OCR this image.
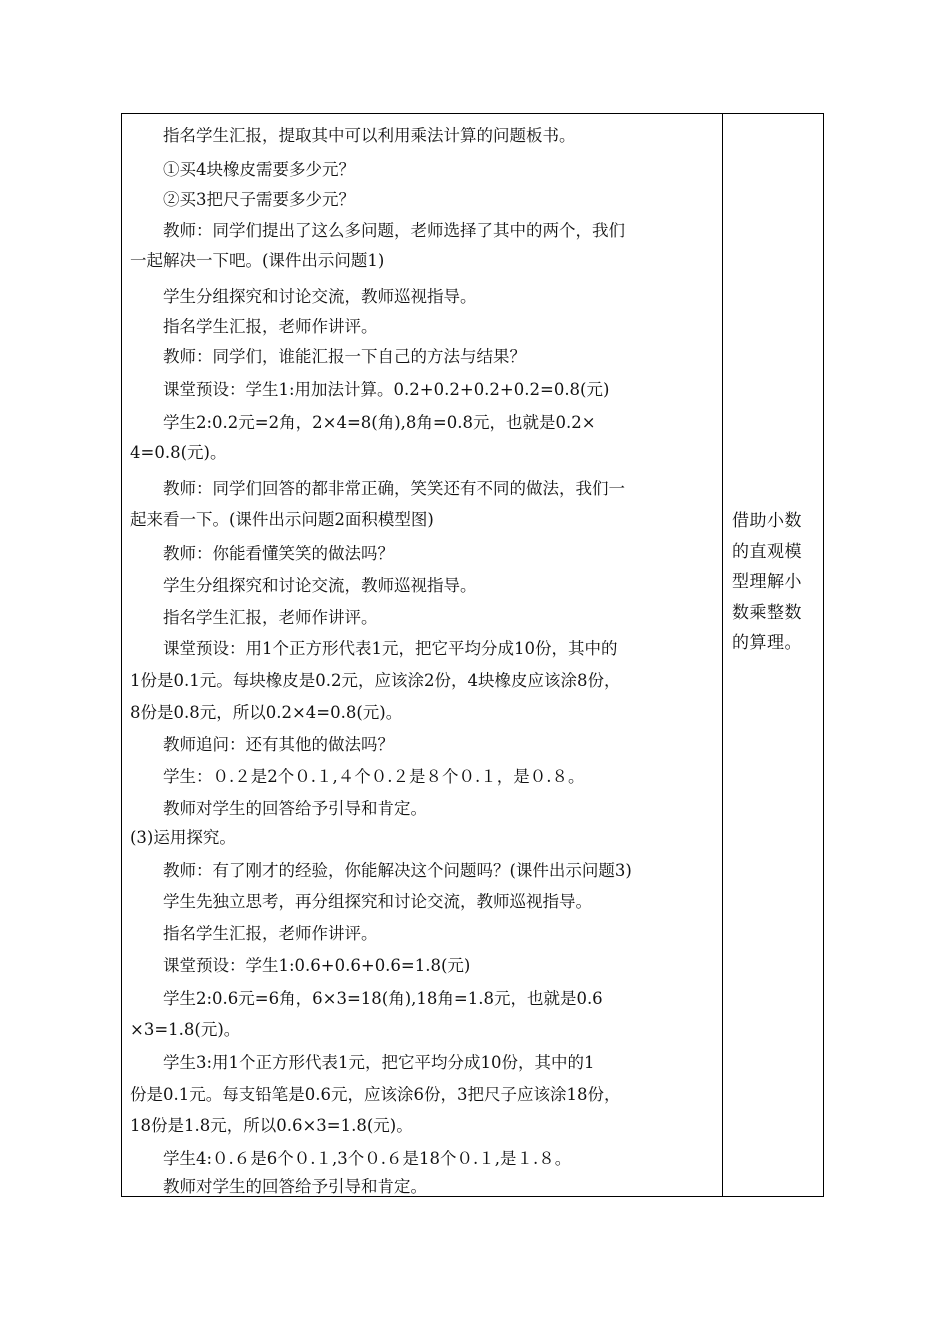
　　指名学生汇报，提取其中可以利用乘法计算的问题板书。
　　①买4块橡皮需要多少元？
　　②买3把尺子需要多少元？
　　教师：同学们提出了这么多问题，老师选择了其中的两个，我们
一起解决一下吧。(课件出示问题1)
　　学生分组探究和讨论交流，教师巡视指导。
　　指名学生汇报，老师作讲评。
　　教师：同学们，谁能汇报一下自己的方法与结果？
　　课堂预设：学生1:用加法计算。0.2+0.2+0.2+0.2=0.8(元)
　　学生2:0.2元=2角，2×4=8(角),8角=0.8元，也就是0.2×
4=0.8(元)。
　　教师：同学们回答的都非常正确，笑笑还有不同的做法，我们一
起来看一下。(课件出示问题2面积模型图)
　　教师：你能看懂笑笑的做法吗？
　　学生分组探究和讨论交流，教师巡视指导。
　　指名学生汇报，老师作讲评。
　　课堂预设：用1个正方形代表1元，把它平均分成10份，其中的
1份是0.1元。每块橡皮是0.2元，应该涂2份，4块橡皮应该涂8份，
8份是0.8元，所以0.2×4=0.8(元)。
　　教师追问：还有其他的做法吗？
　　学生：０.２是2个０.１,４个０.２是８个０.１，是０.８。
　　教师对学生的回答给予引导和肯定。
(3)运用探究。
　　教师：有了刚才的经验，你能解决这个问题吗？(课件出示问题3)
　　学生先独立思考，再分组探究和讨论交流，教师巡视指导。
　　指名学生汇报，老师作讲评。
　　课堂预设：学生1:0.6+0.6+0.6=1.8(元)
　　学生2:0.6元=6角，6×3=18(角),18角=1.8元，也就是0.6
×3=1.8(元)。
　　学生3:用1个正方形代表1元，把它平均分成10份，其中的1
份是0.1元。每支铅笔是0.6元，应该涂6份，3把尺子应该涂18份，
18份是1.8元，所以0.6×3=1.8(元)。
　　学生4:０.６是6个０.１,3个０.６是18个０.１,是１.８。
　　教师对学生的回答给予引导和肯定。
借助小数
的直观模
型理解小
数乘整数
的算理。
